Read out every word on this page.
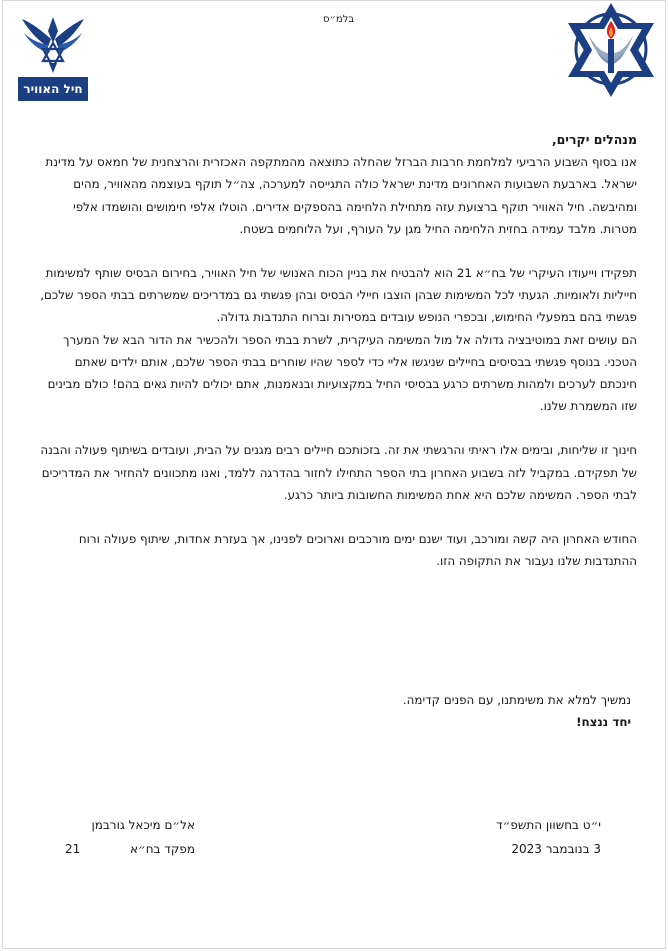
חיל האוויר
בלמ״ס

מנהלים יקרים,

אנו בסוף השבוע הרביעי למלחמת חרבות הברזל שהחלה כתוצאה מהמתקפה האכזרית והרצחנית של חמאס על מדינת ישראל. בארבעת השבועות האחרונים מדינת ישראל כולה התגייסה למערכה, צה״ל תוקף בעוצמה מהאוויר, מהים ומהיבשה. חיל האוויר תוקף ברצועת עזה מתחילת הלחימה בהספקים אדירים. הוטלו אלפי חימושים והושמדו אלפי מטרות. מלבד עמידה בחזית הלחימה החיל מגן על העורף, ועל הלוחמים בשטח.

תפקידו וייעודו העיקרי של בח״א 21 הוא להבטיח את בניין הכוח האנושי של חיל האוויר, בחירום הבסיס שותף למשימות חייליות ולאומיות. הגעתי לכל המשימות שבהן הוצבו חיילי הבסיס ובהן פגשתי גם במדריכים שמשרתים בבתי הספר שלכם, פגשתי בהם במפעלי החימוש, ובכפרי הנופש עובדים במסירות וברוח התנדבות גדולה.

הם עושים זאת במוטיבציה גדולה אל מול המשימה העיקרית, לשרת בבתי הספר ולהכשיר את הדור הבא של המערך הטכני. בנוסף פגשתי בבסיסים בחיילים שניגשו אליי כדי לספר שהיו שוחרים בבתי הספר שלכם, אותם ילדים שאתם חינכתם לערכים ולמהות משרתים כרגע בבסיסי החיל במקצועיות ובנאמנות, אתם יכולים להיות גאים בהם! כולם מבינים שזו המשמרת שלנו.

חינוך זו שליחות, ובימים אלו ראיתי והרגשתי את זה. בזכותכם חיילים רבים מגנים על הבית, ועובדים בשיתוף פעולה והבנה של תפקידם. במקביל לזה בשבוע האחרון בתי הספר התחילו לחזור בהדרגה ללמד, ואנו מתכוונים להחזיר את המדריכים לבתי הספר. המשימה שלכם היא אחת המשימות החשובות ביותר כרגע.

החודש האחרון היה קשה ומורכב, ועוד ישנם ימים מורכבים וארוכים לפנינו, אך בעזרת אחדות, שיתוף פעולה ורוח ההתנדבות שלנו נעבור את התקופה הזו.

נמשיך למלא את משימתנו, עם הפנים קדימה.
יחד ננצח!
אל״ם מיכאל גורבמן
מפקד בח״א
21
י״ט בחשוון התשפ״ד
3 בנובמבר 2023
